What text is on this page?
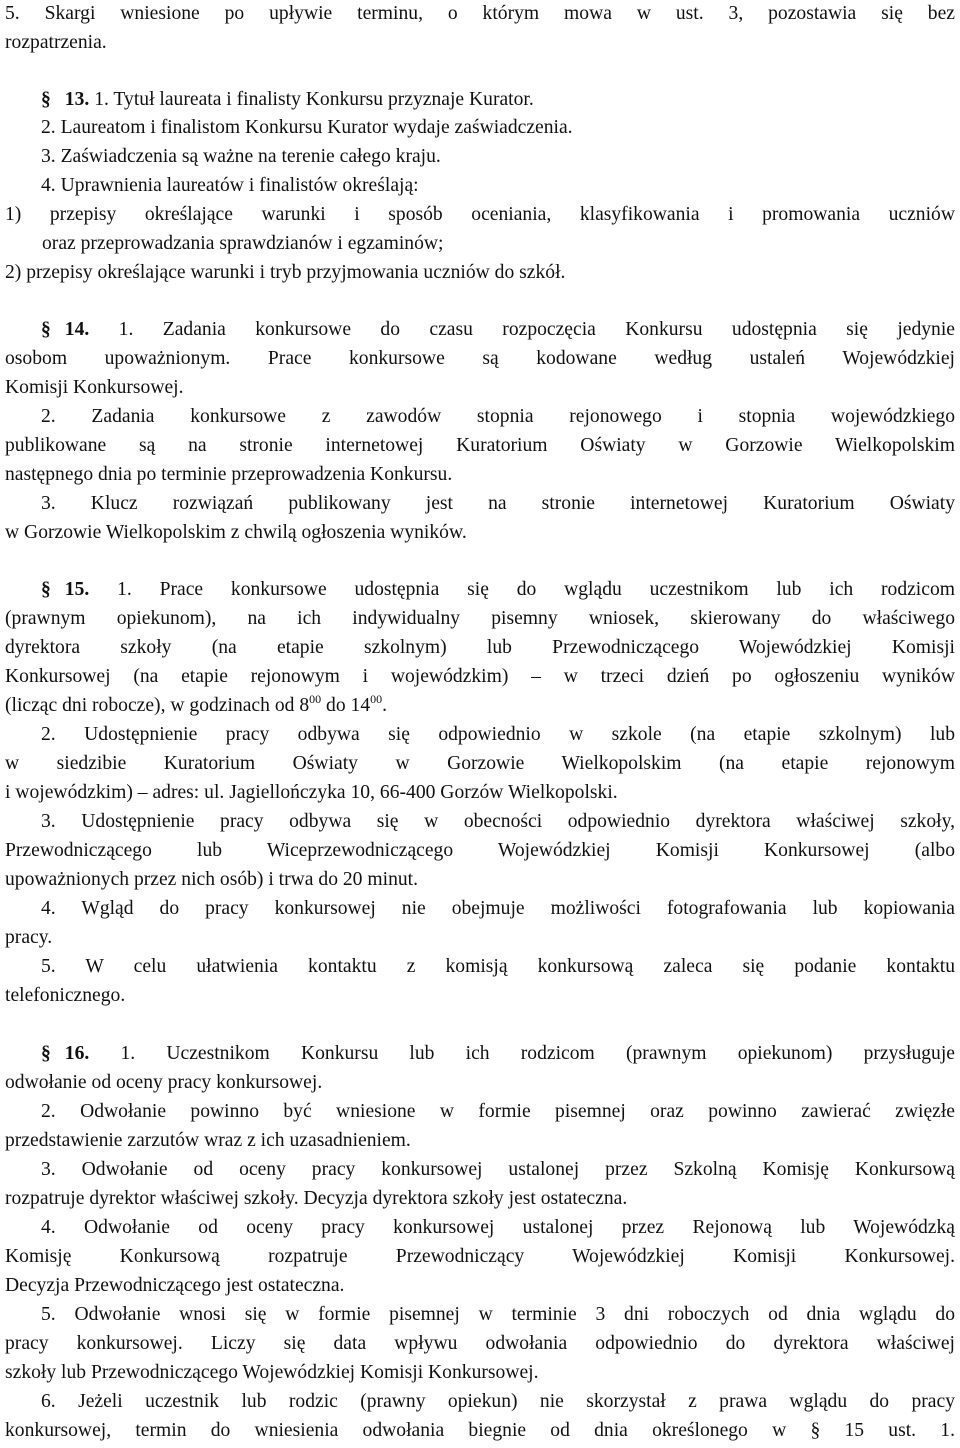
5. Skargi wniesione po upływie terminu, o którym mowa w ust. 3, pozostawia się bez
rozpatrzenia.
§ 13. 1. Tytuł laureata i finalisty Konkursu przyznaje Kurator.
2. Laureatom i finalistom Konkursu Kurator wydaje zaświadczenia.
3. Zaświadczenia są ważne na terenie całego kraju.
4. Uprawnienia laureatów i finalistów określają:
1) przepisy określające warunki i sposób oceniania, klasyfikowania i promowania uczniów
oraz przeprowadzania sprawdzianów i egzaminów;
2) przepisy określające warunki i tryb przyjmowania uczniów do szkół.
§ 14. 1. Zadania konkursowe do czasu rozpoczęcia Konkursu udostępnia się jedynie
osobom upoważnionym. Prace konkursowe są kodowane według ustaleń Wojewódzkiej
Komisji Konkursowej.
2. Zadania konkursowe z zawodów stopnia rejonowego i stopnia wojewódzkiego
publikowane są na stronie internetowej Kuratorium Oświaty w Gorzowie Wielkopolskim
następnego dnia po terminie przeprowadzenia Konkursu.
3. Klucz rozwiązań publikowany jest na stronie internetowej Kuratorium Oświaty
w Gorzowie Wielkopolskim z chwilą ogłoszenia wyników.
§ 15. 1. Prace konkursowe udostępnia się do wglądu uczestnikom lub ich rodzicom
(prawnym opiekunom), na ich indywidualny pisemny wniosek, skierowany do właściwego
dyrektora szkoły (na etapie szkolnym) lub Przewodniczącego Wojewódzkiej Komisji
Konkursowej (na etapie rejonowym i wojewódzkim) – w trzeci dzień po ogłoszeniu wyników
(licząc dni robocze), w godzinach od $8^{00}$ do $14^{00}$.
2. Udostępnienie pracy odbywa się odpowiednio w szkole (na etapie szkolnym) lub
w siedzibie Kuratorium Oświaty w Gorzowie Wielkopolskim (na etapie rejonowym
i wojewódzkim) – adres: ul. Jagiellończyka 10, 66-400 Gorzów Wielkopolski.
3. Udostępnienie pracy odbywa się w obecności odpowiednio dyrektora właściwej szkoły,
Przewodniczącego lub Wiceprzewodniczącego Wojewódzkiej Komisji Konkursowej (albo
upoważnionych przez nich osób) i trwa do 20 minut.
4. Wgląd do pracy konkursowej nie obejmuje możliwości fotografowania lub kopiowania
pracy.
5. W celu ułatwienia kontaktu z komisją konkursową zaleca się podanie kontaktu
telefonicznego.
§ 16. 1. Uczestnikom Konkursu lub ich rodzicom (prawnym opiekunom) przysługuje
odwołanie od oceny pracy konkursowej.
2. Odwołanie powinno być wniesione w formie pisemnej oraz powinno zawierać zwięzłe
przedstawienie zarzutów wraz z ich uzasadnieniem.
3. Odwołanie od oceny pracy konkursowej ustalonej przez Szkolną Komisję Konkursową
rozpatruje dyrektor właściwej szkoły. Decyzja dyrektora szkoły jest ostateczna.
4. Odwołanie od oceny pracy konkursowej ustalonej przez Rejonową lub Wojewódzką
Komisję Konkursową rozpatruje Przewodniczący Wojewódzkiej Komisji Konkursowej.
Decyzja Przewodniczącego jest ostateczna.
5. Odwołanie wnosi się w formie pisemnej w terminie 3 dni roboczych od dnia wglądu do
pracy konkursowej. Liczy się data wpływu odwołania odpowiednio do dyrektora właściwej
szkoły lub Przewodniczącego Wojewódzkiej Komisji Konkursowej.
6. Jeżeli uczestnik lub rodzic (prawny opiekun) nie skorzystał z prawa wglądu do pracy
konkursowej, termin do wniesienia odwołania biegnie od dnia określonego w § 15 ust. 1.
